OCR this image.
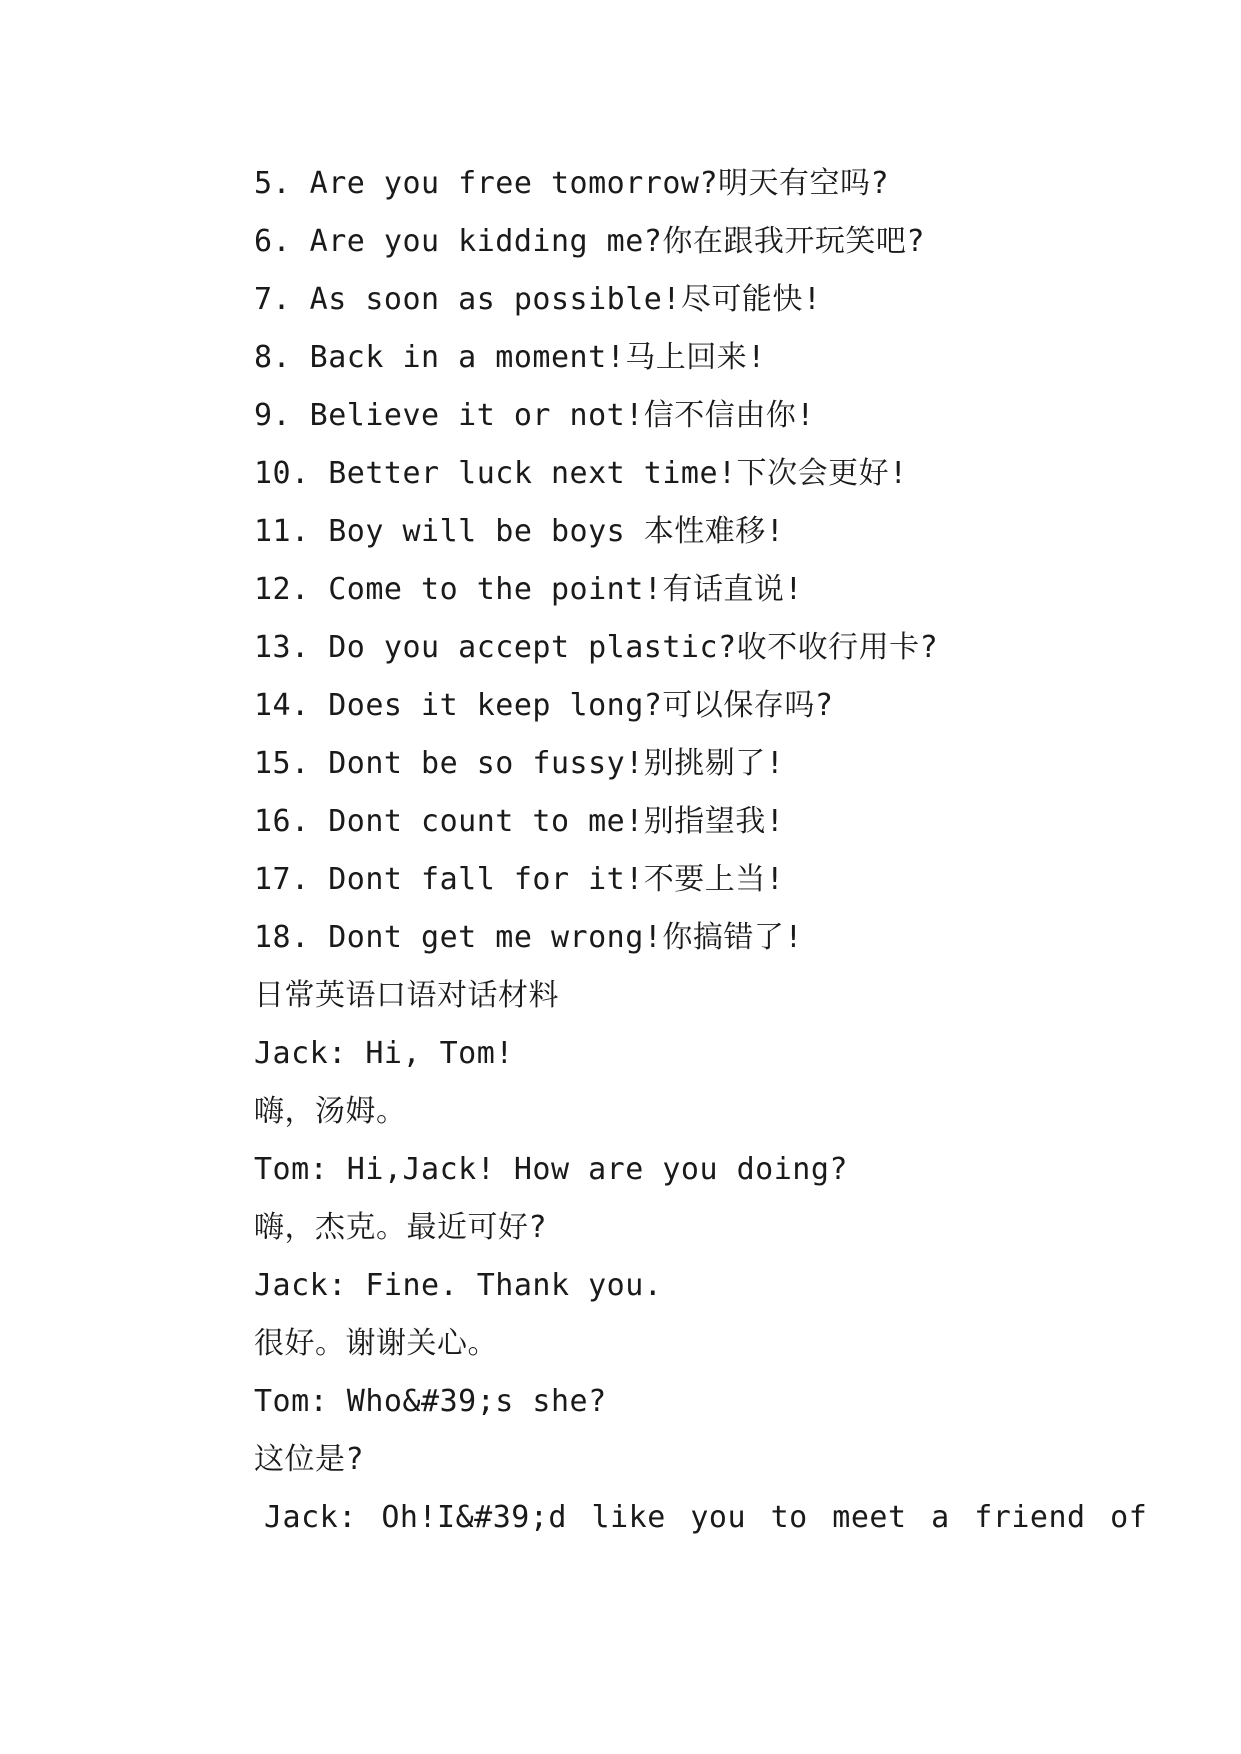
5. Are you free tomorrow?明天有空吗?
6. Are you kidding me?你在跟我开玩笑吧?
7. As soon as possible!尽可能快!
8. Back in a moment!马上回来!
9. Believe it or not!信不信由你!
10. Better luck next time!下次会更好!
11. Boy will be boys 本性难移!
12. Come to the point!有话直说!
13. Do you accept plastic?收不收行用卡?
14. Does it keep long?可以保存吗?
15. Dont be so fussy!别挑剔了!
16. Dont count to me!别指望我!
17. Dont fall for it!不要上当!
18. Dont get me wrong!你搞错了!
日常英语口语对话材料
Jack: Hi, Tom!
嗨，汤姆。
Tom: Hi,Jack! How are you doing?
嗨，杰克。最近可好?
Jack: Fine. Thank you.
很好。谢谢关心。
Tom: Who&#39;s she?
这位是?
Jack: Oh!I&#39;d like you to meet a friend of
